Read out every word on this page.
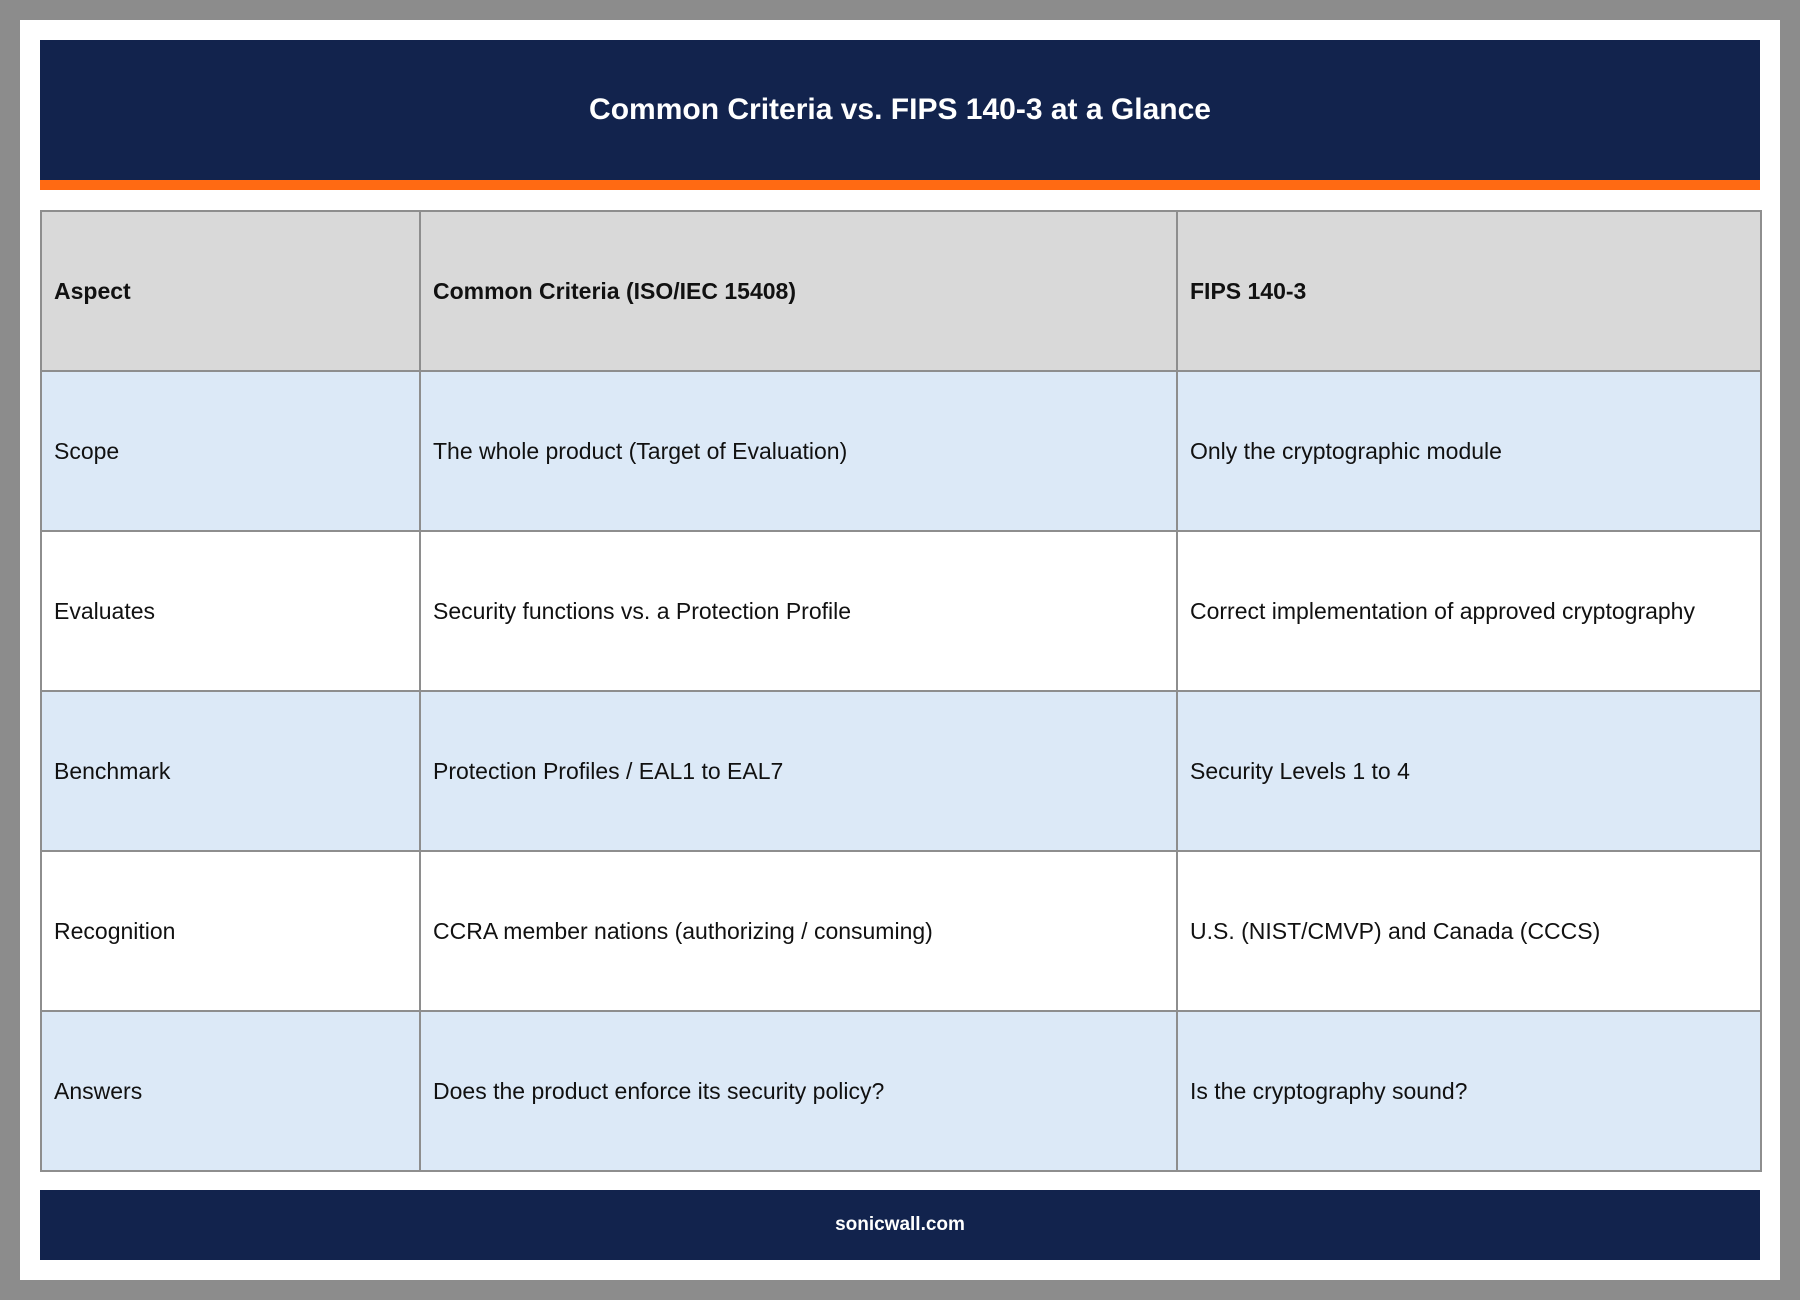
Common Criteria vs. FIPS 140-3 at a Glance
Aspect	Common Criteria (ISO/IEC 15408)	FIPS 140-3
Scope	The whole product (Target of Evaluation)	Only the cryptographic module
Evaluates	Security functions vs. a Protection Profile	Correct implementation of approved cryptography
Benchmark	Protection Profiles / EAL1 to EAL7	Security Levels 1 to 4
Recognition	CCRA member nations (authorizing / consuming)	U.S. (NIST/CMVP) and Canada (CCCS)
Answers	Does the product enforce its security policy?	Is the cryptography sound?
sonicwall.com
